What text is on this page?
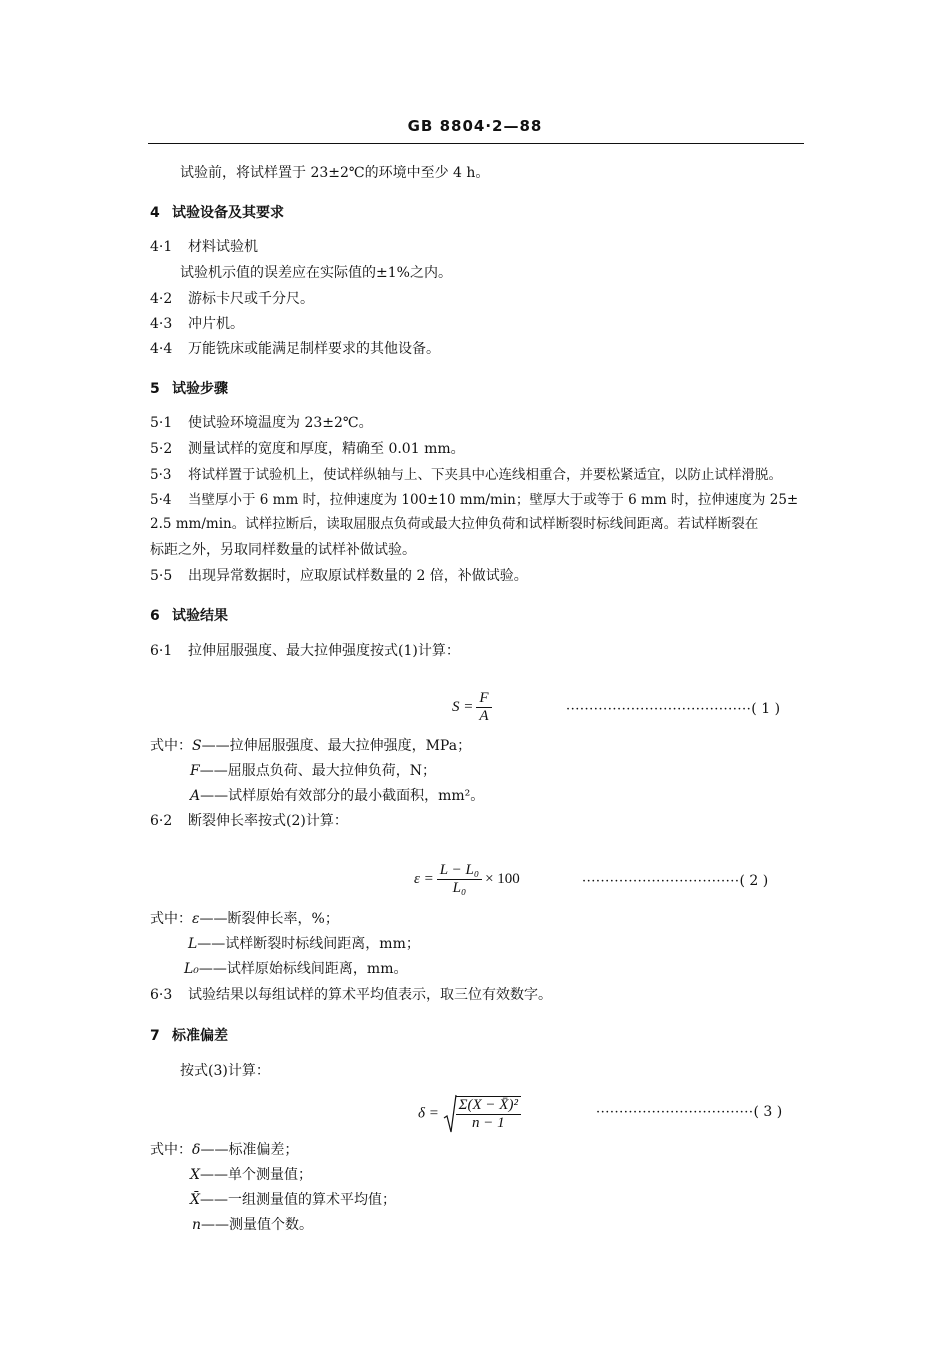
GB 8804·2—88
试验前，将试样置于 23±2℃的环境中至少 4 h。
4 试验设备及其要求
4·1 材料试验机
试验机示值的误差应在实际值的±1%之内。
4·2 游标卡尺或千分尺。
4·3 冲片机。
4·4 万能铣床或能满足制样要求的其他设备。
5 试验步骤
5·1 使试验环境温度为 23±2℃。
5·2 测量试样的宽度和厚度，精确至 0.01 mm。
5·3 将试样置于试验机上，使试样纵轴与上、下夹具中心连线相重合，并要松紧适宜，以防止试样滑脱。
5·4 当壁厚小于 6 mm 时，拉伸速度为 100±10 mm/min；壁厚大于或等于 6 mm 时，拉伸速度为 25±
2.5 mm/min。试样拉断后，读取屈服点负荷或最大拉伸负荷和试样断裂时标线间距离。若试样断裂在
标距之外，另取同样数量的试样补做试验。
5·5 出现异常数据时，应取原试样数量的 2 倍，补做试验。
6 试验结果
6·1 拉伸屈服强度、最大拉伸强度按式(1)计算：
$S = \frac{F}{A}$	········································( 1 )
式中：S——拉伸屈服强度、最大拉伸强度，MPa；
F——屈服点负荷、最大拉伸负荷，N；
A——试样原始有效部分的最小截面积，mm²。
6·2 断裂伸长率按式(2)计算：
$\varepsilon = \frac{\text{L − L₀}}{\text{L₀}} \times 100$	··································( 2 )
式中：ε——断裂伸长率，%；
L——试样断裂时标线间距离，mm；
L₀——试样原始标线间距离，mm。
6·3 试验结果以每组试样的算术平均值表示，取三位有效数字。
7 标准偏差
按式(3)计算：
$\delta = \frac{\text{Σ(X − X̄)²}}{n - 1}$	··································( 3 )
式中：δ——标准偏差；
X——单个测量值；
X̄——一组测量值的算术平均值；
n——测量值个数。
